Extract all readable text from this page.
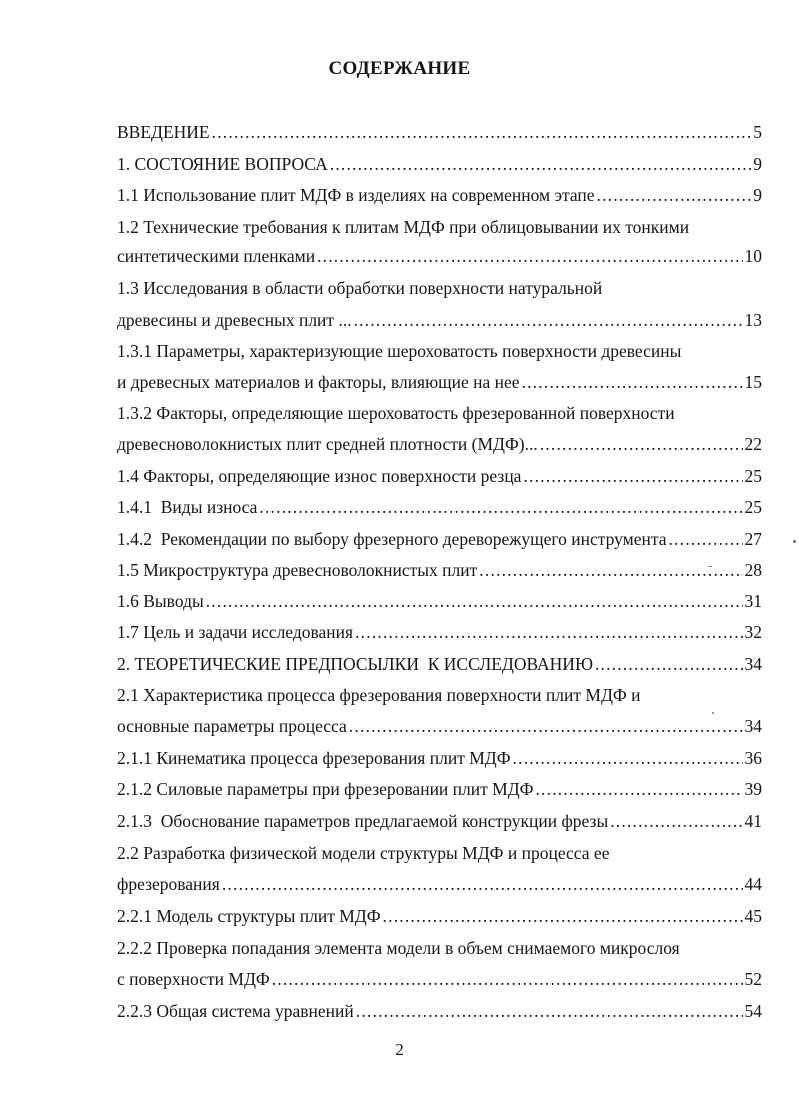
СОДЕРЖАНИЕ
ВВЕДЕНИЕ .....	5
1. СОСТОЯНИЕ ВОПРОСА .....	9
1.1 Использование плит МДФ в изделиях на современном этапе .....	9
1.2 Технические требования к плитам МДФ при облицовывании их тонкими
синтетическими пленками .....	10
1.3 Исследования в области обработки поверхности натуральной
древесины и древесных плит ... .....	13
1.3.1 Параметры, характеризующие шероховатость поверхности древесины
и древесных материалов и факторы, влияющие на нее .....	15
1.3.2 Факторы, определяющие шероховатость фрезерованной поверхности
древесноволокнистых плит средней плотности (МДФ)... .....	22
1.4 Факторы, определяющие износ поверхности резца .....	25
1.4.1  Виды износа .....	25
1.4.2  Рекомендации по выбору фрезерного дереворежущего инструмента .....	27
1.5 Микроструктура древесноволокнистых плит .....	28
1.6 Выводы .....	31
1.7 Цель и задачи исследования .....	32
2. ТЕОРЕТИЧЕСКИЕ ПРЕДПОСЫЛКИ  К ИССЛЕДОВАНИЮ .....	34
2.1 Характеристика процесса фрезерования поверхности плит МДФ и
основные параметры процесса .....	34
2.1.1 Кинематика процесса фрезерования плит МДФ .....	36
2.1.2 Силовые параметры при фрезеровании плит МДФ .....	39
2.1.3  Обоснование параметров предлагаемой конструкции фрезы .....	41
2.2 Разработка физической модели структуры МДФ и процесса ее
фрезерования .....	44
2.2.1 Модель структуры плит МДФ .....	45
2.2.2 Проверка попадания элемента модели в объем снимаемого микрослоя
с поверхности МДФ .....	52
2.2.3 Общая система уравнений .....	54
2
